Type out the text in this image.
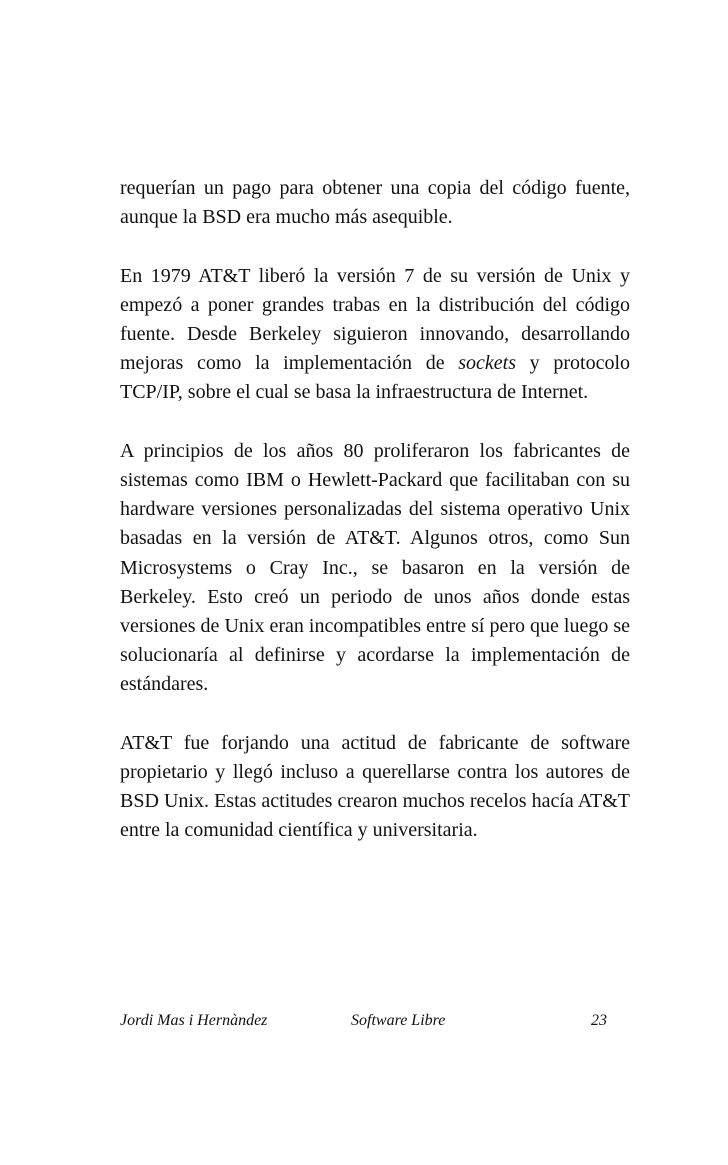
requerían un pago para obtener una copia del código fuente, aunque la BSD era mucho más asequible.

En 1979 AT&T liberó la versión 7 de su versión de Unix y empezó a poner grandes trabas en la distribución del código fuente. Desde Berkeley siguieron innovando, desarrollando mejoras como la implementación de sockets y protocolo TCP/IP, sobre el cual se basa la infraestructura de Internet.

A principios de los años 80 proliferaron los fabricantes de sistemas como IBM o Hewlett-Packard que facilitaban con su hardware versiones personalizadas del sistema operativo Unix basadas en la versión de AT&T. Algunos otros, como Sun Microsystems o Cray Inc., se basaron en la versión de Berkeley. Esto creó un periodo de unos años donde estas versiones de Unix eran incompatibles entre sí pero que luego se solucionaría al definirse y acordarse la implementación de estándares.

AT&T fue forjando una actitud de fabricante de software propietario y llegó incluso a querellarse contra los autores de BSD Unix. Estas actitudes crearon muchos recelos hacía AT&T entre la comunidad científica y universitaria.

Jordi Mas i Hernàndez	Software Libre	23
